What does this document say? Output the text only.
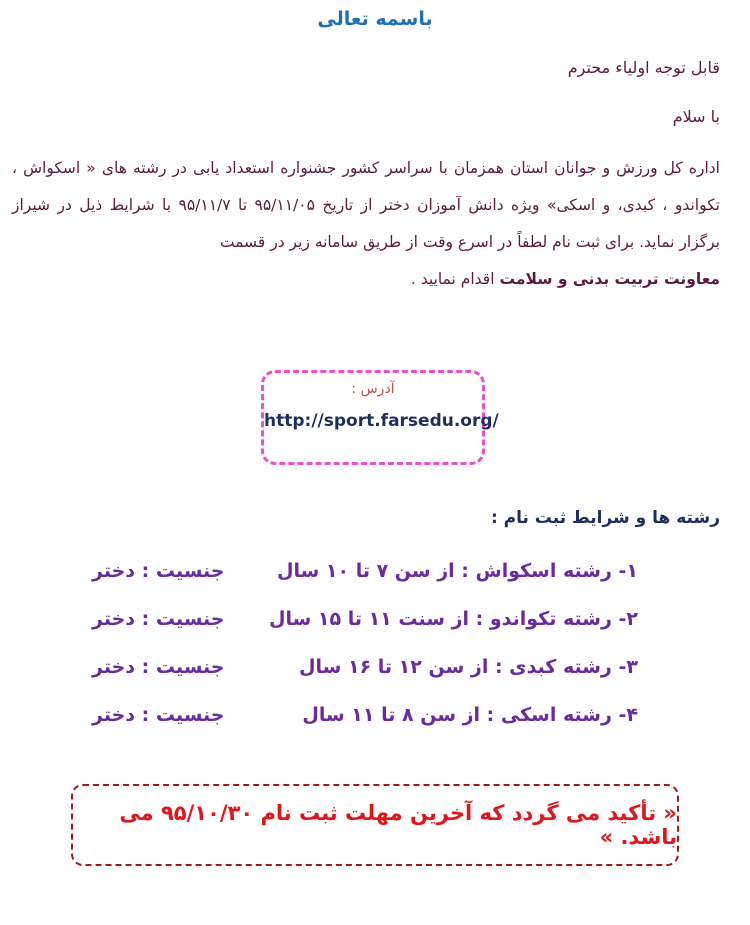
باسمه تعالی
قابل توجه اولیاء محترم
با سلام
اداره کل ورزش و جوانان استان همزمان با سراسر کشور جشنواره استعداد یابی در رشته های « اسکواش ، تکواندو ، کبدی، و اسکی» ویژه دانش آموزان دختر از تاریخ ۹۵/۱۱/۰۵ تا ۹۵/۱۱/۷ با شرایط ذیل در شیراز برگزار نماید. برای ثبت نام لطفاً در اسرع وقت از طریق سامانه زیر در قسمت
معاونت تربیت بدنی و سلامت اقدام نمایید .
آدرس :
http://sport.farsedu.org/
رشته ها و شرایط ثبت نام :
۱- رشته اسکواش : از سن ۷ تا ۱۰ سال
جنسیت : دختر
۲- رشته تکواندو : از سنت ۱۱ تا ۱۵ سال
جنسیت : دختر
۳- رشته کبدی : از سن ۱۲ تا ۱۶ سال
جنسیت : دختر
۴- رشته اسکی : از سن ۸ تا ۱۱ سال
جنسیت : دختر
« تأکید می گردد که آخرین مهلت ثبت نام ۹۵/۱۰/۳۰ می باشد. »
